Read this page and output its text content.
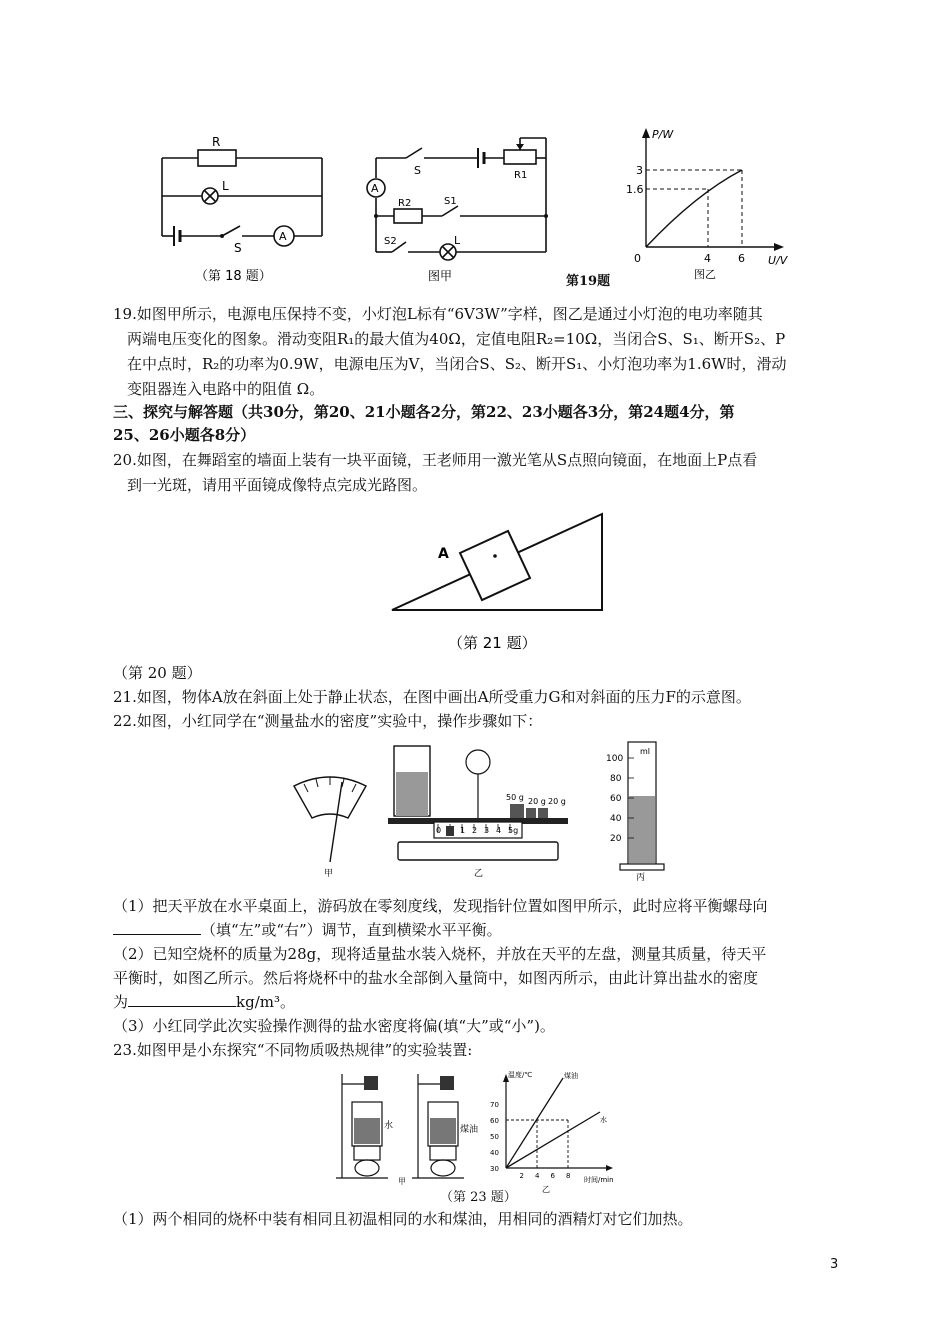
R
L
S
A
（第 18 题）
A
S	R1
R2	S1
S2	L
图甲	第19题
P/W
U/V
3
1.6
4 6
0
图乙
19.如图甲所示，电源电压保持不变，小灯泡L标有“6V3W”字样，图乙是通过小灯泡的电功率随其
两端电压变化的图象。滑动变阻R₁的最大值为40Ω，定值电阻R₂=10Ω，当闭合S、S₁、断开S₂、P
在中点时，R₂的功率为0.9W，电源电压为V，当闭合S、S₂、断开S₁、小灯泡功率为1.6W时，滑动
变阻器连入电路中的阻值 Ω。
三、探究与解答题（共30分，第20、21小题各2分，第22、23小题各3分，第24题4分，第
25、26小题各8分）
20.如图，在舞蹈室的墙面上装有一块平面镜，王老师用一激光笔从S点照向镜面，在地面上P点看
到一光斑，请用平面镜成像特点完成光路图。
A
（第 21 题）
（第 20 题）
21.如图，物体A放在斜面上处于静止状态，在图中画出A所受重力G和对斜面的压力F的示意图。
22.如图，小红同学在“测量盐水的密度”实验中，操作步骤如下：
甲
0 1 2 3 4 5g
50 g 20 g 20 g
乙
ml
100
80
60
40
20
丙
（1）把天平放在水平桌面上，游码放在零刻度线，发现指针位置如图甲所示，此时应将平衡螺母向
（填“左”或“右”）调节，直到横梁水平平衡。
（2）已知空烧杯的质量为28g，现将适量盐水装入烧杯，并放在天平的左盘，测量其质量，待天平
平衡时，如图乙所示。然后将烧杯中的盐水全部倒入量筒中，如图丙所示，由此计算出盐水的密度
为	kg/m³。
（3）小红同学此次实验操作测得的盐水密度将偏(填“大”或“小”)。
23.如图甲是小东探究“不同物质吸热规律”的实验装置:
水	煤油
甲
温度/℃
时间/min
煤油
水
乙
70
60
50
40
30
2 4 6 8
（第 23 题）
（1）两个相同的烧杯中装有相同且初温相同的水和煤油，用相同的酒精灯对它们加热。
3
